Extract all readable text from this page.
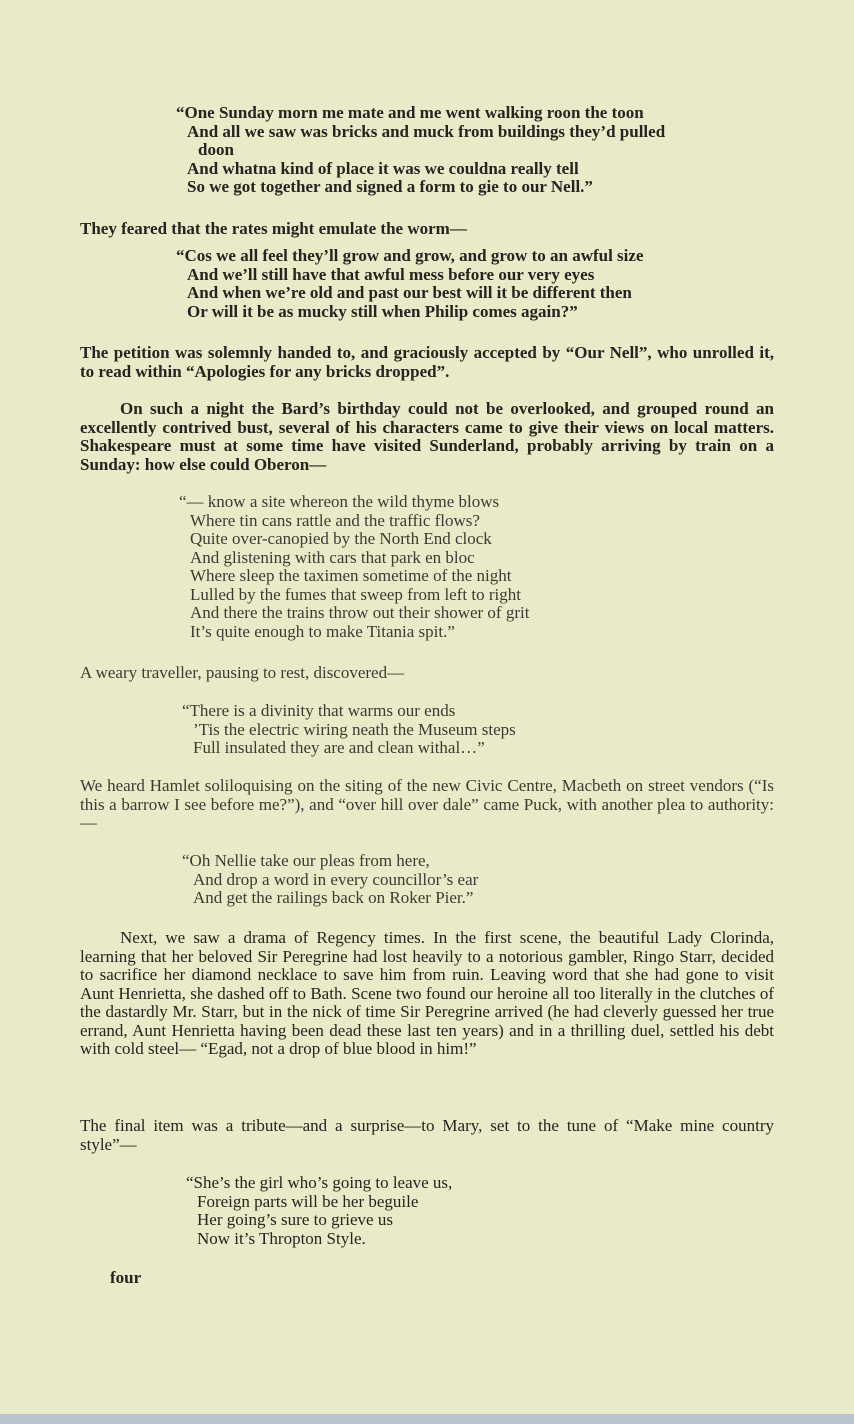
“One Sunday morn me mate and me went walking roon the toon
And all we saw was bricks and muck from buildings they’d pulled
doon
And whatna kind of place it was we couldna really tell
So we got together and signed a form to gie to our Nell.”
They feared that the rates might emulate the worm—
“Cos we all feel they’ll grow and grow, and grow to an awful size
And we’ll still have that awful mess before our very eyes
And when we’re old and past our best will it be different then
Or will it be as mucky still when Philip comes again?”
The petition was solemnly handed to, and graciously accepted by “Our Nell”, who unrolled it, to read within “Apologies for any bricks dropped”.
On such a night the Bard’s birthday could not be overlooked, and grouped round an excellently contrived bust, several of his characters came to give their views on local matters. Shakespeare must at some time have visited Sunderland, probably arriving by train on a Sunday: how else could Oberon—
“— know a site whereon the wild thyme blows
Where tin cans rattle and the traffic flows?
Quite over-canopied by the North End clock
And glistening with cars that park en bloc
Where sleep the taximen sometime of the night
Lulled by the fumes that sweep from left to right
And there the trains throw out their shower of grit
It’s quite enough to make Titania spit.”
A weary traveller, pausing to rest, discovered—
“There is a divinity that warms our ends
’Tis the electric wiring neath the Museum steps
Full insulated they are and clean withal…”
We heard Hamlet soliloquising on the siting of the new Civic Centre, Macbeth on street vendors (“Is this a barrow I see before me?”), and “over hill over dale” came Puck, with another plea to authority:—
“Oh Nellie take our pleas from here,
And drop a word in every councillor’s ear
And get the railings back on Roker Pier.”
Next, we saw a drama of Regency times. In the first scene, the beautiful Lady Clorinda, learning that her beloved Sir Peregrine had lost heavily to a notorious gambler, Ringo Starr, decided to sacrifice her diamond necklace to save him from ruin. Leaving word that she had gone to visit Aunt Henrietta, she dashed off to Bath. Scene two found our heroine all too literally in the clutches of the dastardly Mr. Starr, but in the nick of time Sir Peregrine arrived (he had cleverly guessed her true errand, Aunt Henrietta having been dead these last ten years) and in a thrilling duel, settled his debt with cold steel— “Egad, not a drop of blue blood in him!”
The final item was a tribute—and a surprise—to Mary, set to the tune of “Make mine country style”—
“She’s the girl who’s going to leave us,
Foreign parts will be her beguile
Her going’s sure to grieve us
Now it’s Thropton Style.
four
